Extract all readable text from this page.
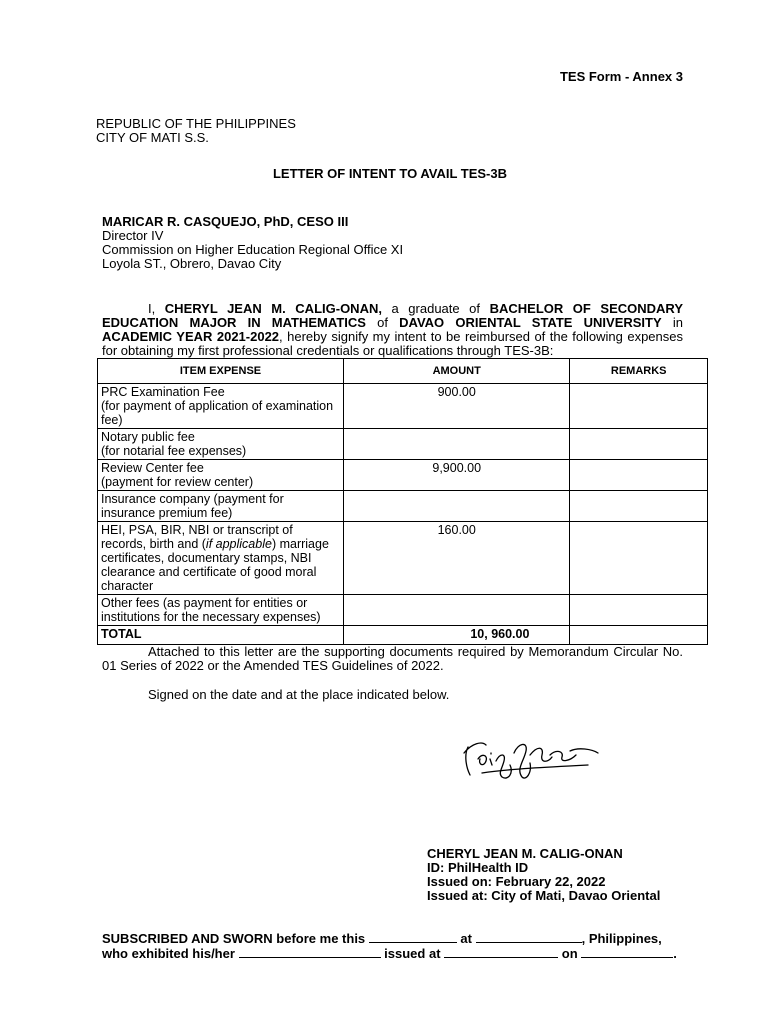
TES Form - Annex 3
REPUBLIC OF THE PHILIPPINES
CITY OF MATI S.S.
LETTER OF INTENT TO AVAIL TES-3B
MARICAR R. CASQUEJO, PhD, CESO III
Director IV
Commission on Higher Education Regional Office XI
Loyola ST., Obrero, Davao City

I, CHERYL JEAN M. CALIG-ONAN, a graduate of BACHELOR OF SECONDARY EDUCATION MAJOR IN MATHEMATICS of DAVAO ORIENTAL STATE UNIVERSITY in ACADEMIC YEAR 2021-2022, hereby signify my intent to be reimbursed of the following expenses for obtaining my first professional credentials or qualifications through TES-3B:

ITEM EXPENSE	AMOUNT	REMARKS

PRC Examination Fee
(for payment of application of examination fee)	900.00	

Notary public fee
(for notarial fee expenses)		

Review Center fee
(payment for review center)	9,900.00	

Insurance company (payment for insurance premium fee)		

HEI, PSA, BIR, NBI or transcript of records, birth and (if applicable) marriage certificates, documentary stamps, NBI clearance and certificate of good moral character	160.00	

Other fees (as payment for entities or institutions for the necessary expenses)		

TOTAL	10, 960.00	

Attached to this letter are the supporting documents required by Memorandum Circular No. 01 Series of 2022 or the Amended TES Guidelines of 2022.

Signed on the date and at the place indicated below.
CHERYL JEAN M. CALIG-ONAN
ID: PhilHealth ID
Issued on: February 22, 2022
Issued at: City of Mati, Davao Oriental
SUBSCRIBED AND SWORN before me this	at	, Philippines,
who exhibited his/her	issued at	on	.
